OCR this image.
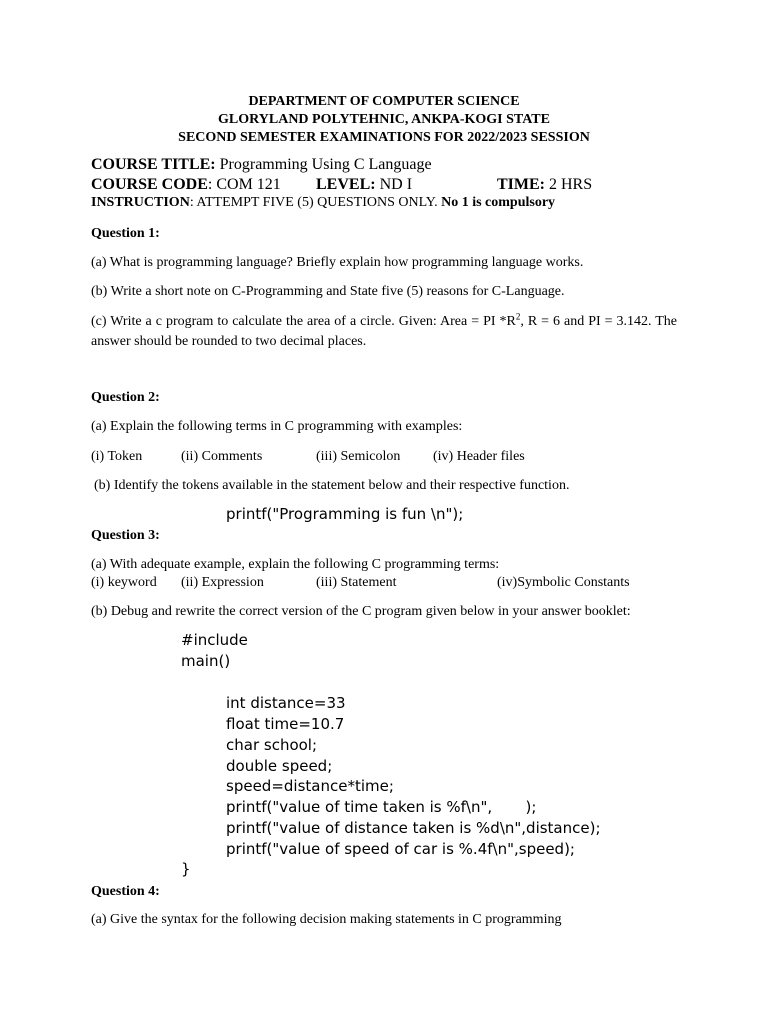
DEPARTMENT OF COMPUTER SCIENCE
GLORYLAND POLYTEHNIC, ANKPA-KOGI STATE
SECOND SEMESTER EXAMINATIONS FOR 2022/2023 SESSION
COURSE TITLE: Programming Using C Language
COURSE CODE: COM 121 LEVEL: ND I	TIME: 2 HRS
INSTRUCTION: ATTEMPT FIVE (5) QUESTIONS ONLY. No 1 is compulsory
Question 1:
(a) What is programming language? Briefly explain how programming language works.
(b) Write a short note on C-Programming and State five (5) reasons for C-Language.
(c) Write a c program to calculate the area of a circle. Given: Area = PI $*R^2$, R = 6 and PI = 3.142. The answer should be rounded to two decimal places.
Question 2:
(a) Explain the following terms in C programming with examples:
(i) Token	(ii) Comments	(iii) Semicolon (iv) Header files
(b) Identify the tokens available in the statement below and their respective function.
printf("Programming is fun \n");
Question 3:
(a) With adequate example, explain the following C programming terms:
(i) keyword (ii) Expression	(iii) Statement	(iv)Symbolic Constants
(b) Debug and rewrite the correct version of the C program given below in your answer booklet:
#include
main()
int distance=33
float time=10.7
char school;
double speed;
speed=distance*time;
printf("value of time taken is %f\n",       );
printf("value of distance taken is %d\n",distance);
printf("value of speed of car is %.4f\n",speed);
}
Question 4:
(a) Give the syntax for the following decision making statements in C programming
